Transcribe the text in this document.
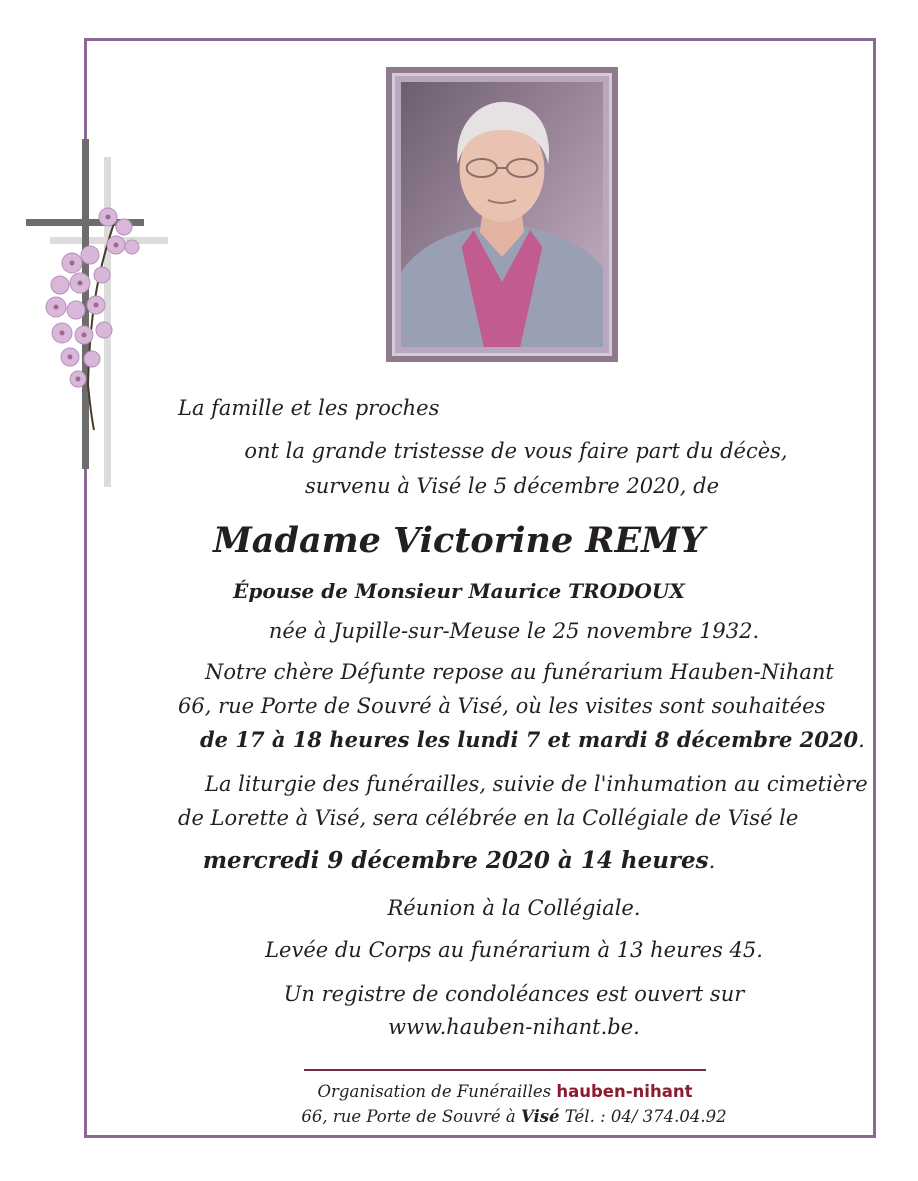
La famille et les proches
ont la grande tristesse de vous faire part du décès,
survenu à Visé le 5 décembre 2020, de
Madame Victorine REMY
Épouse de Monsieur Maurice TRODOUX
née à Jupille-sur-Meuse le 25 novembre 1932.
Notre chère Défunte repose au funérarium Hauben-Nihant
66, rue Porte de Souvré à Visé, où les visites sont souhaitées
de 17 à 18 heures les lundi 7 et mardi 8 décembre 2020.
La liturgie des funérailles, suivie de l'inhumation au cimetière
de Lorette à Visé, sera célébrée en la Collégiale de Visé le
mercredi 9 décembre 2020 à 14 heures.
Réunion à la Collégiale.
Levée du Corps au funérarium à 13 heures 45.
Un registre de condoléances est ouvert sur
www.hauben-nihant.be.
Organisation de Funérailles hauben-nihant
66, rue Porte de Souvré à Visé Tél. : 04/ 374.04.92
